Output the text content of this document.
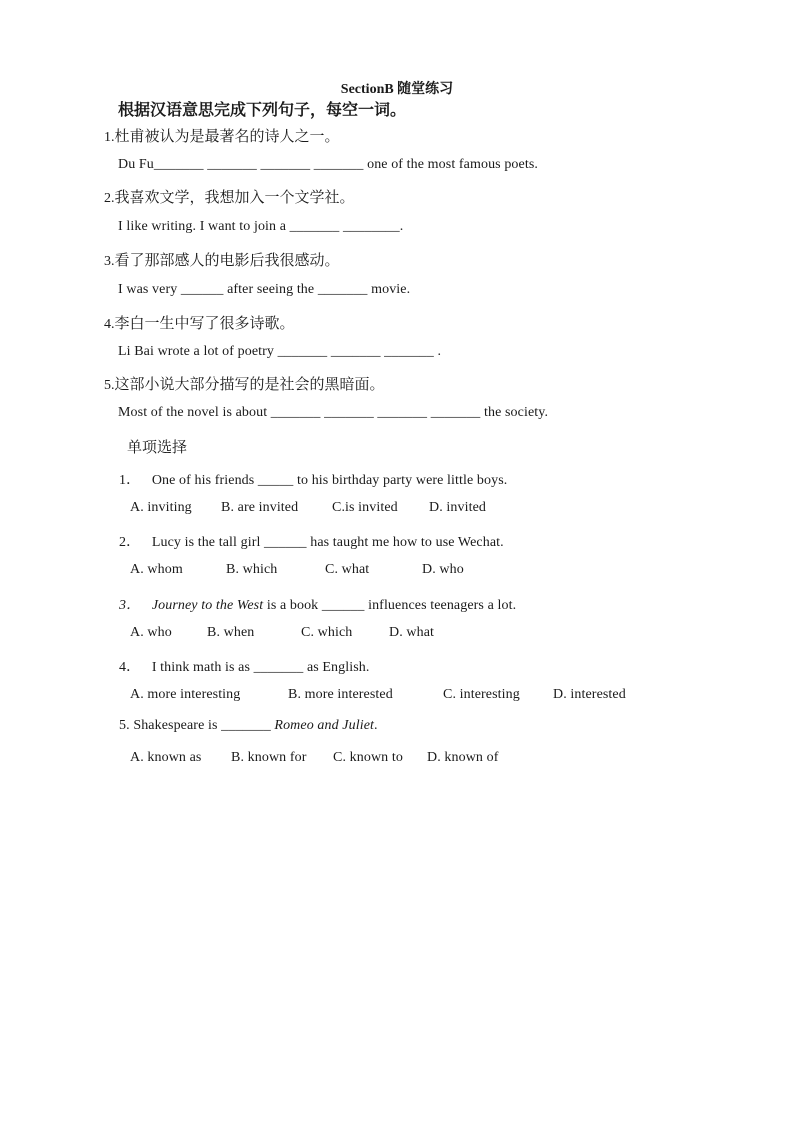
SectionB 随堂练习
根据汉语意思完成下列句子，每空一词。
1.杜甫被认为是最著名的诗人之一。
Du Fu_______ _______ _______ _______ one of the most famous poets.
2.我喜欢文学，我想加入一个文学社。
I like writing. I want to join a _______ ________.
3.看了那部感人的电影后我很感动。
I was very ______ after seeing the _______ movie.
4.李白一生中写了很多诗歌。
Li Bai wrote a lot of poetry _______ _______ _______ .
5.这部小说大部分描写的是社会的黑暗面。
Most of the novel is about _______ _______ _______ _______ the society.
单项选择
1． One of his friends _____ to his birthday party were little boys.
A. inviting B. are invited C.is invited D. invited
2． Lucy is the tall girl ______ has taught me how to use Wechat.
A. whom	B. which	C. what	D. who
3． Journey to the West is a book ______ influences teenagers a lot.
A. who	B. when	C. which	D. what
4． I think math is as _______ as English.
A. more interesting	B. more interested	C. interesting D. interested
5. Shakespeare is _______ Romeo and Juliet.
A. known as B. known for C. known to D. known of
